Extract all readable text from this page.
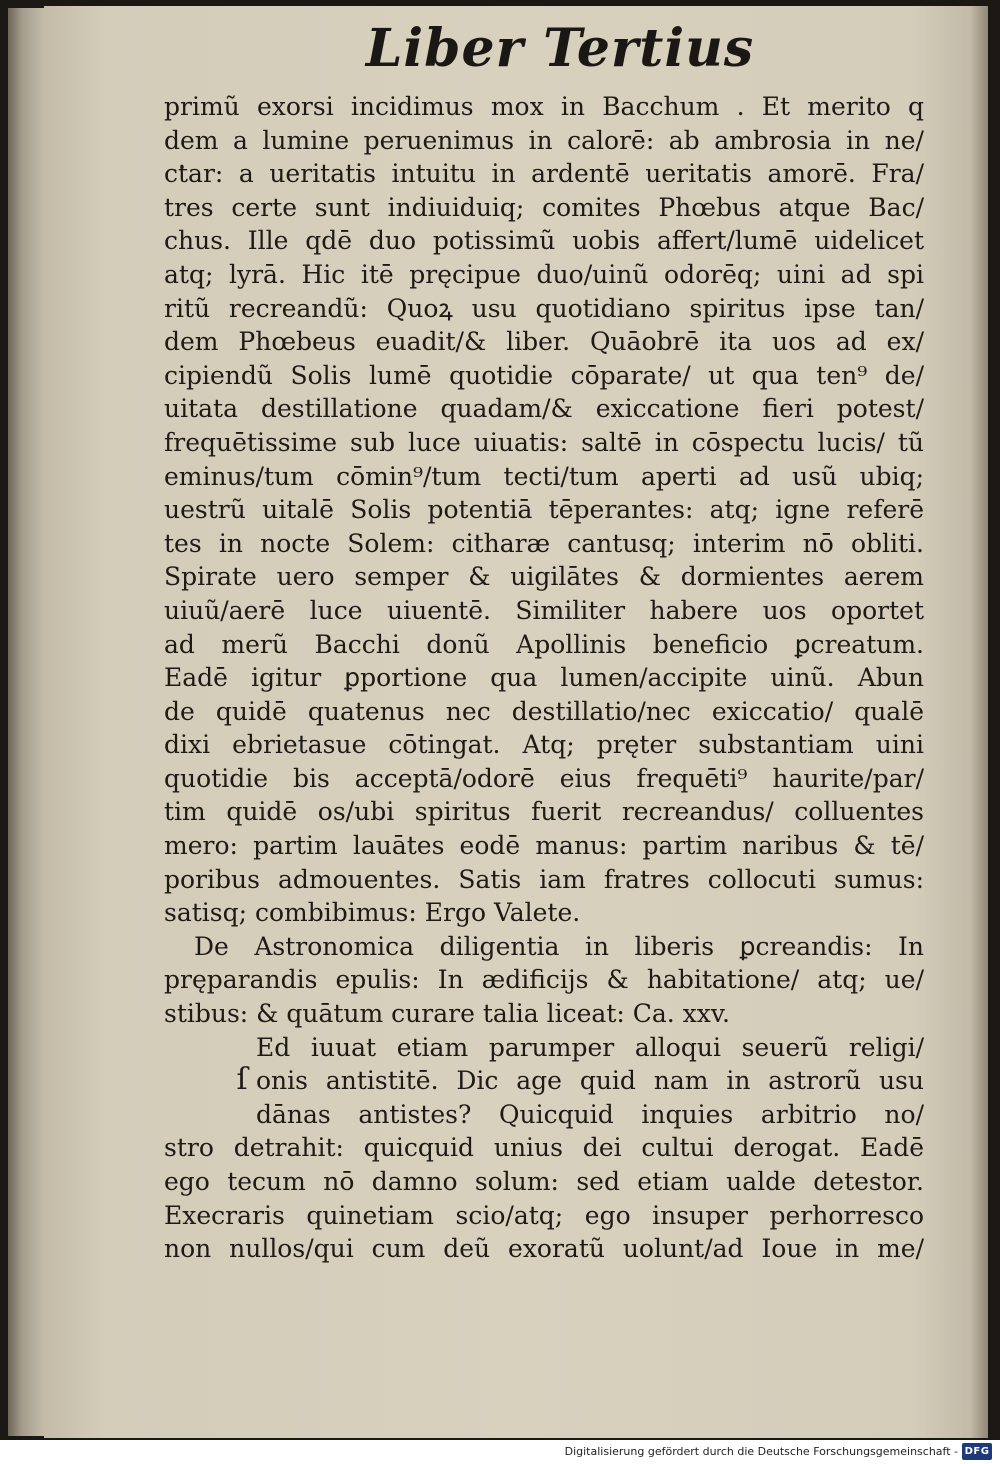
Liber Tertius
primũ exorsi incidimus mox in Bacchum . Et merito q
dem a lumine peruenimus in calorē: ab ambrosia in ne/
ctar: a ueritatis intuitu in ardentē ueritatis amorē. Fra/
tres certe sunt indiuiduiq; comites Phœbus atque Bac/
chus. Ille qdē duo potissimũ uobis affert/lumē uidelicet
atq; lyrā. Hic itē pręcipue duo/uinũ odorēq; uini ad spi
ritũ recreandũ: Quoꝝ usu quotidiano spiritus ipse tan/
dem Phœbeus euadit/& liber. Quāobrē ita uos ad ex/
cipiendũ Solis lumē quotidie cōparate/ ut qua ten⁹ de/
uitata destillatione quadam/& exiccatione fieri potest/
frequētissime sub luce uiuatis: saltē in cōspectu lucis/ tũ
eminus/tum cōmin⁹/tum tecti/tum aperti ad usũ ubiq;
uestrũ uitalē Solis potentiā tēperantes: atq; igne referē
tes in nocte Solem: citharæ cantusq; interim nō obliti.
Spirate uero semper & uigilātes & dormientes aerem
uiuũ/aerē luce uiuentē. Similiter habere uos oportet
ad merũ Bacchi donũ Apollinis beneficio ꝑcreatum.
Eadē igitur ꝑportione qua lumen/accipite uinũ. Abun
de quidē quatenus nec destillatio/nec exiccatio/ qualē
dixi ebrietasue cōtingat. Atq; pręter substantiam uini
quotidie bis acceptā/odorē eius frequēti⁹ haurite/par/
tim quidē os/ubi spiritus fuerit recreandus/ colluentes
mero: partim lauātes eodē manus: partim naribus & tē/
poribus admouentes. Satis iam fratres collocuti sumus:
satisq; combibimus: Ergo Valete.
De Astronomica diligentia in liberis ꝑcreandis: In
pręparandis epulis: In ædificijs & habitatione/ atq; ue/
stibus: & quātum curare talia liceat: Ca. xxv.
Ed iuuat etiam parumper alloqui seuerũ religi/
onis antistitē. Dic age quid nam in astrorũ usu
dānas antistes? Quicquid inquies arbitrio no/
stro detrahit: quicquid unius dei cultui derogat. Eadē
ego tecum nō damno solum: sed etiam ualde detestor.
Execraris quinetiam scio/atq; ego insuper perhorresco
non nullos/qui cum deũ exoratũ uolunt/ad Ioue in me/
ſ
Digitalisierung gefördert durch die Deutsche Forschungsgemeinschaft - DFG
